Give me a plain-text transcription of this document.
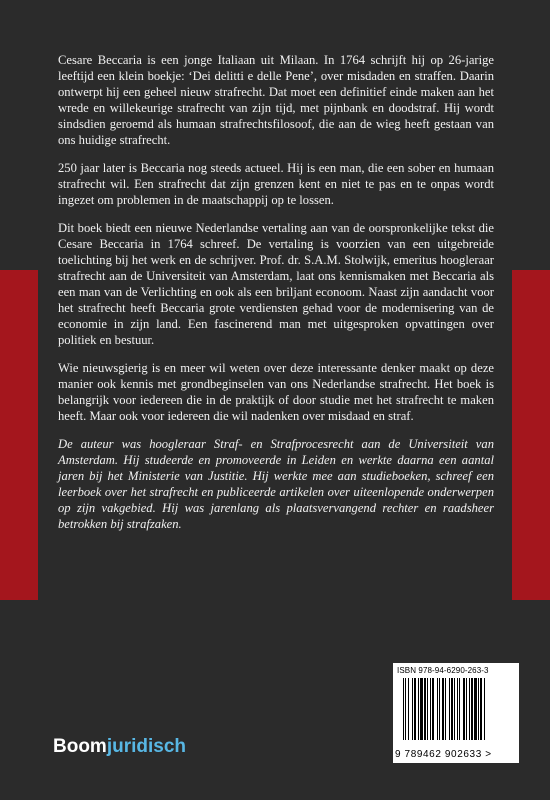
Cesare Beccaria is een jonge Italiaan uit Milaan. In 1764 schrijft hij op 26-jarige leeftijd een klein boekje: ‘Dei delitti e delle Pene’, over misdaden en straffen. Daarin ontwerpt hij een geheel nieuw strafrecht. Dat moet een definitief einde maken aan het wrede en willekeurige strafrecht van zijn tijd, met pijnbank en doodstraf. Hij wordt sindsdien geroemd als humaan strafrechtsfilosoof, die aan de wieg heeft gestaan van ons huidige strafrecht.

250 jaar later is Beccaria nog steeds actueel. Hij is een man, die een sober en humaan strafrecht wil. Een strafrecht dat zijn grenzen kent en niet te pas en te onpas wordt ingezet om problemen in de maatschappij op te lossen.

Dit boek biedt een nieuwe Nederlandse vertaling aan van de oorspronkelijke tekst die Cesare Beccaria in 1764 schreef. De vertaling is voorzien van een uitgebreide toelichting bij het werk en de schrijver. Prof. dr. S.A.M. Stolwijk, emeritus hoogleraar strafrecht aan de Universiteit van Amsterdam, laat ons kennismaken met Beccaria als een man van de Verlichting en ook als een briljant econoom. Naast zijn aandacht voor het strafrecht heeft Beccaria grote verdiensten gehad voor de modernisering van de economie in zijn land. Een fascinerend man met uitgesproken opvattingen over politiek en bestuur.

Wie nieuwsgierig is en meer wil weten over deze interessante denker maakt op deze manier ook kennis met grondbeginselen van ons Nederlandse strafrecht. Het boek is belangrijk voor iedereen die in de praktijk of door studie met het strafrecht te maken heeft. Maar ook voor iedereen die wil nadenken over misdaad en straf.

De auteur was hoogleraar Straf- en Strafprocesrecht aan de Universiteit van Amsterdam. Hij studeerde en promoveerde in Leiden en werkte daarna een aantal jaren bij het Ministerie van Justitie. Hij werkte mee aan studieboeken, schreef een leerboek over het strafrecht en publiceerde artikelen over uiteenlopende onderwerpen op zijn vakgebied. Hij was jarenlang als plaatsvervangend rechter en raadsheer betrokken bij strafzaken.

ISBN 978-94-6290-263-3
9 789462 902633 >
Boomjuridisch
